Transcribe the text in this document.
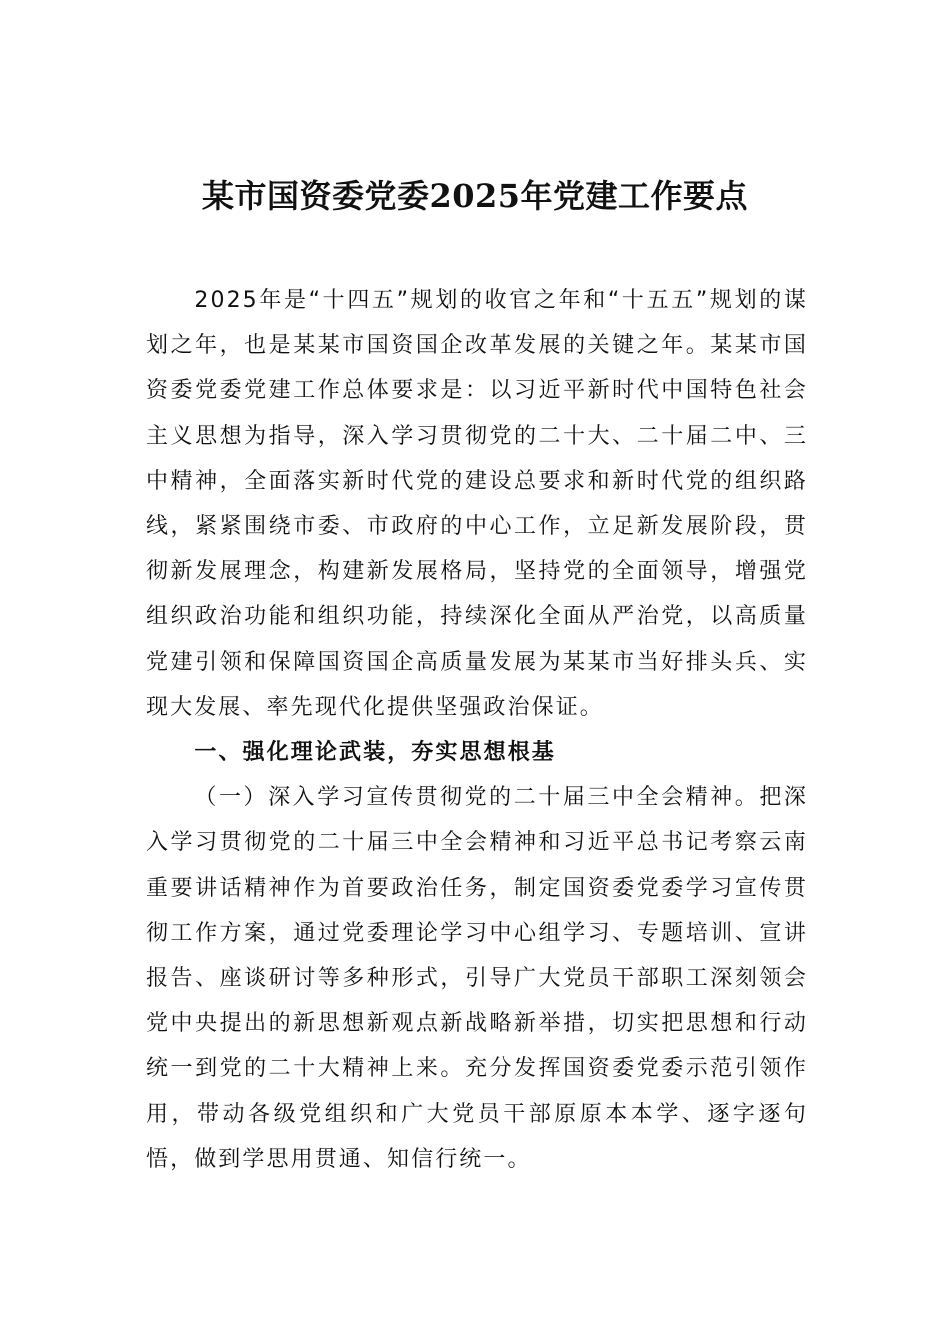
某市国资委党委2025年党建工作要点

2025年是“十四五”规划的收官之年和“十五五”规划的谋划之年，也是某某市国资国企改革发展的关键之年。某某市国资委党委党建工作总体要求是：以习近平新时代中国特色社会主义思想为指导，深入学习贯彻党的二十大、二十届二中、三中精神，全面落实新时代党的建设总要求和新时代党的组织路线，紧紧围绕市委、市政府的中心工作，立足新发展阶段，贯彻新发展理念，构建新发展格局，坚持党的全面领导，增强党组织政治功能和组织功能，持续深化全面从严治党，以高质量党建引领和保障国资国企高质量发展为某某市当好排头兵、实现大发展、率先现代化提供坚强政治保证。

一、强化理论武装，夯实思想根基

（一）深入学习宣传贯彻党的二十届三中全会精神。把深入学习贯彻党的二十届三中全会精神和习近平总书记考察云南重要讲话精神作为首要政治任务，制定国资委党委学习宣传贯彻工作方案，通过党委理论学习中心组学习、专题培训、宣讲报告、座谈研讨等多种形式，引导广大党员干部职工深刻领会党中央提出的新思想新观点新战略新举措，切实把思想和行动统一到党的二十大精神上来。充分发挥国资委党委示范引领作用，带动各级党组织和广大党员干部原原本本学、逐字逐句悟，做到学思用贯通、知信行统一。
